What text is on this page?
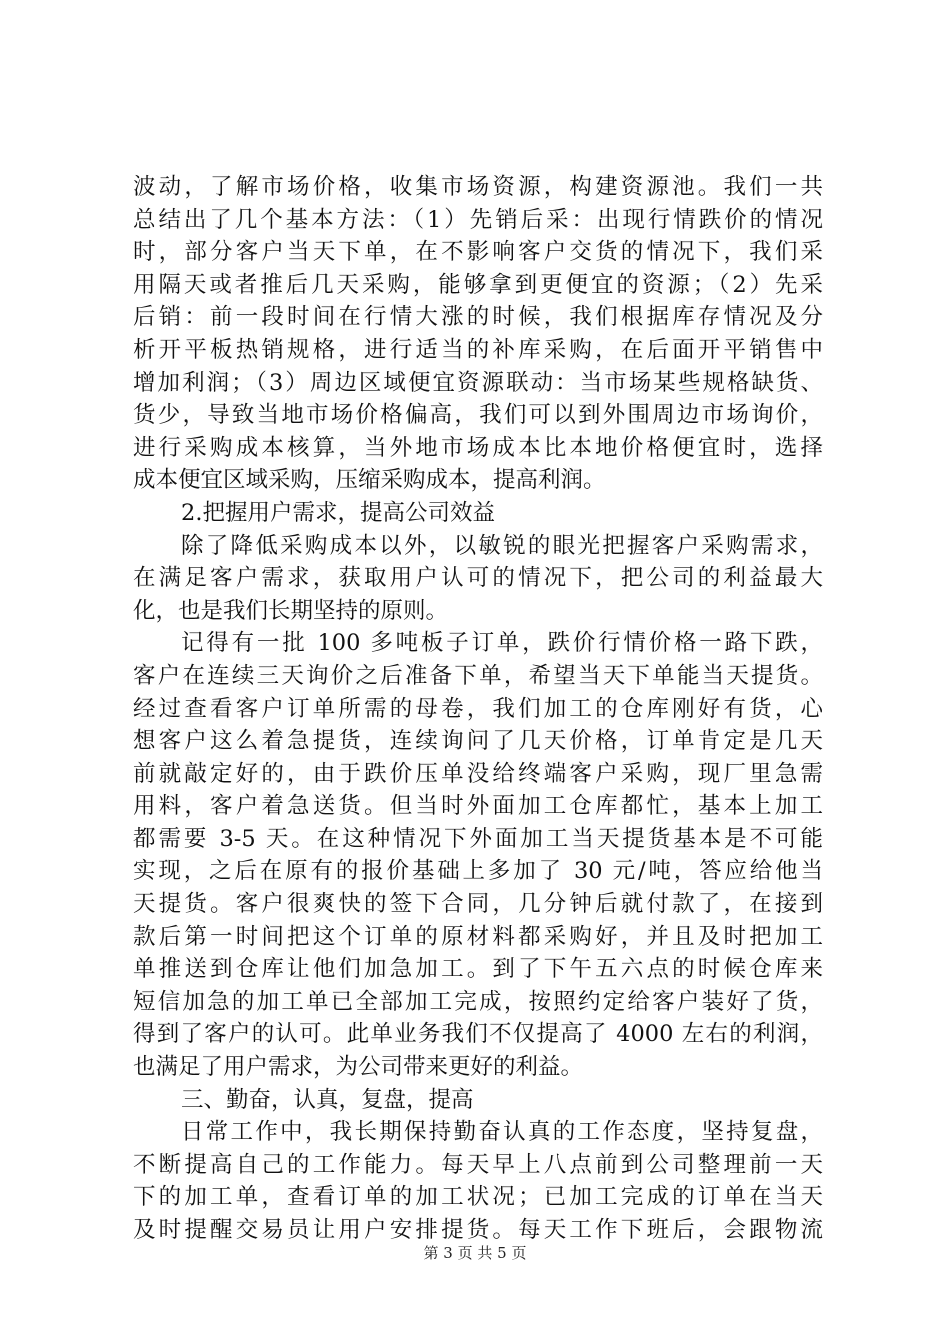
波动，了解市场价格，收集市场资源，构建资源池。我们一共
总结出了几个基本方法：（1）先销后采：出现行情跌价的情况
时，部分客户当天下单，在不影响客户交货的情况下，我们采
用隔天或者推后几天采购，能够拿到更便宜的资源；（2）先采
后销：前一段时间在行情大涨的时候，我们根据库存情况及分
析开平板热销规格，进行适当的补库采购，在后面开平销售中
增加利润；（3）周边区域便宜资源联动：当市场某些规格缺货、
货少，导致当地市场价格偏高，我们可以到外围周边市场询价，
进行采购成本核算，当外地市场成本比本地价格便宜时，选择
成本便宜区域采购，压缩采购成本，提高利润。
2.把握用户需求，提高公司效益
除了降低采购成本以外，以敏锐的眼光把握客户采购需求，
在满足客户需求，获取用户认可的情况下，把公司的利益最大
化，也是我们长期坚持的原则。
记得有一批 100 多吨板子订单，跌价行情价格一路下跌，
客户在连续三天询价之后准备下单，希望当天下单能当天提货。
经过查看客户订单所需的母卷，我们加工的仓库刚好有货，心
想客户这么着急提货，连续询问了几天价格，订单肯定是几天
前就敲定好的，由于跌价压单没给终端客户采购，现厂里急需
用料，客户着急送货。但当时外面加工仓库都忙，基本上加工
都需要 3-5 天。在这种情况下外面加工当天提货基本是不可能
实现，之后在原有的报价基础上多加了 30 元/吨，答应给他当
天提货。客户很爽快的签下合同，几分钟后就付款了，在接到
款后第一时间把这个订单的原材料都采购好，并且及时把加工
单推送到仓库让他们加急加工。到了下午五六点的时候仓库来
短信加急的加工单已全部加工完成，按照约定给客户装好了货，
得到了客户的认可。此单业务我们不仅提高了 4000 左右的利润，
也满足了用户需求，为公司带来更好的利益。
三、勤奋，认真，复盘，提高
日常工作中，我长期保持勤奋认真的工作态度，坚持复盘，
不断提高自己的工作能力。每天早上八点前到公司整理前一天
下的加工单，查看订单的加工状况；已加工完成的订单在当天
及时提醒交易员让用户安排提货。每天工作下班后，会跟物流
第 3 页 共 5 页
